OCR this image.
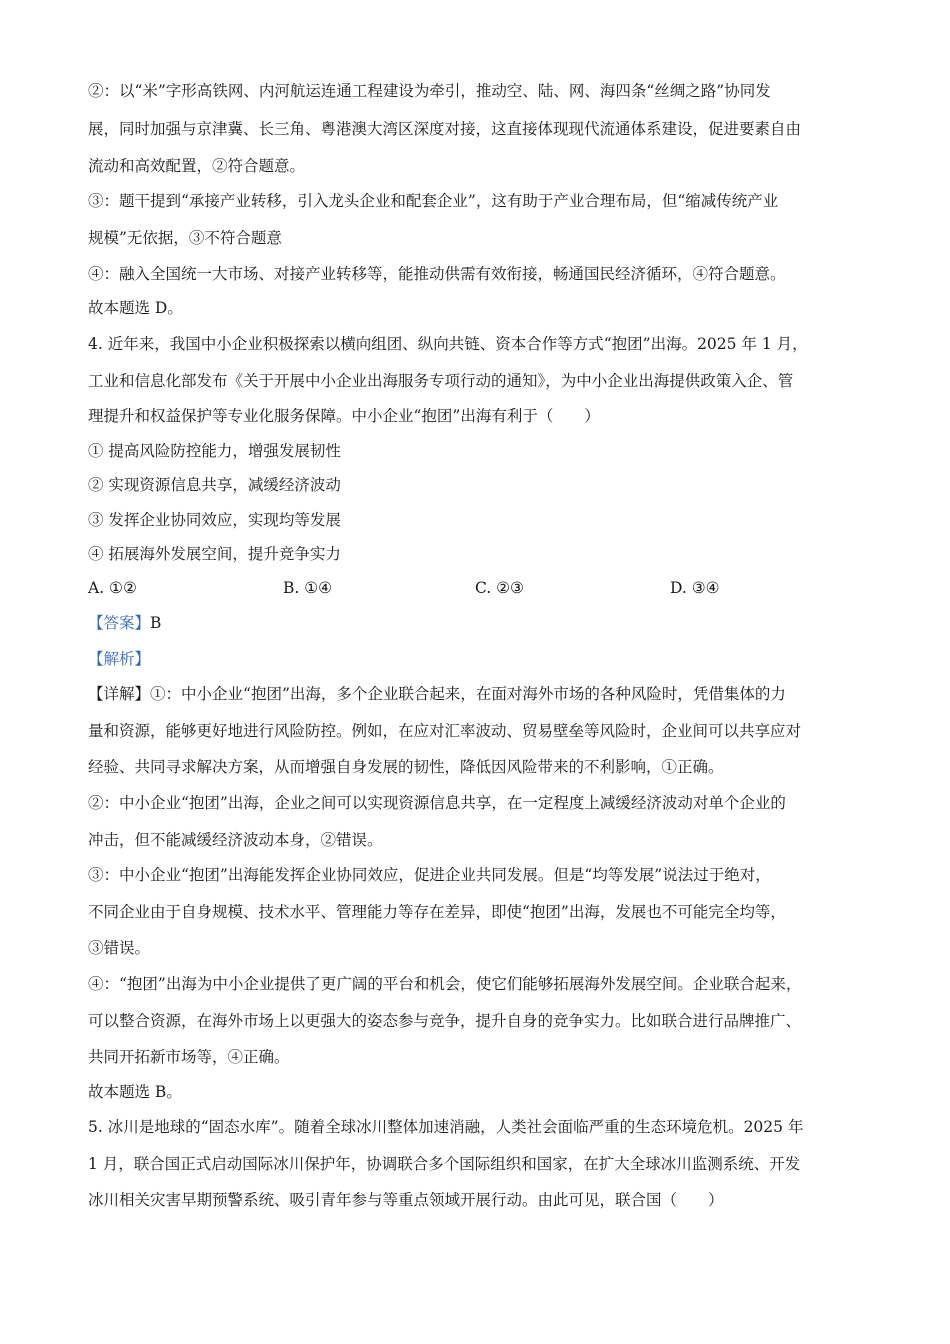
②：以“米”字形高铁网、内河航运连通工程建设为牵引，推动空、陆、网、海四条“丝绸之路”协同发
展，同时加强与京津冀、长三角、粤港澳大湾区深度对接，这直接体现现代流通体系建设，促进要素自由
流动和高效配置，②符合题意。
③：题干提到“承接产业转移，引入龙头企业和配套企业”，这有助于产业合理布局，但“缩减传统产业
规模”无依据，③不符合题意
④：融入全国统一大市场、对接产业转移等，能推动供需有效衔接，畅通国民经济循环，④符合题意。
故本题选 D。
4. 近年来，我国中小企业积极探索以横向组团、纵向共链、资本合作等方式“抱团”出海。2025 年 1 月，
工业和信息化部发布《关于开展中小企业出海服务专项行动的通知》，为中小企业出海提供政策入企、管
理提升和权益保护等专业化服务保障。中小企业“抱团”出海有利于（　　）
① 提高风险防控能力，增强发展韧性
② 实现资源信息共享，减缓经济波动
③ 发挥企业协同效应，实现均等发展
④ 拓展海外发展空间，提升竞争实力
A. ①②	B. ①④	C. ②③	D. ③④
【答案】B
【解析】
【详解】①：中小企业“抱团”出海，多个企业联合起来，在面对海外市场的各种风险时，凭借集体的力
量和资源，能够更好地进行风险防控。例如，在应对汇率波动、贸易壁垒等风险时，企业间可以共享应对
经验、共同寻求解决方案，从而增强自身发展的韧性，降低因风险带来的不利影响，①正确。
②：中小企业“抱团”出海，企业之间可以实现资源信息共享，在一定程度上减缓经济波动对单个企业的
冲击，但不能减缓经济波动本身，②错误。
③：中小企业“抱团”出海能发挥企业协同效应，促进企业共同发展。但是“均等发展”说法过于绝对，
不同企业由于自身规模、技术水平、管理能力等存在差异，即使“抱团”出海，发展也不可能完全均等，
③错误。
④：“抱团”出海为中小企业提供了更广阔的平台和机会，使它们能够拓展海外发展空间。企业联合起来，
可以整合资源，在海外市场上以更强大的姿态参与竞争，提升自身的竞争实力。比如联合进行品牌推广、
共同开拓新市场等，④正确。
故本题选 B。
5. 冰川是地球的“固态水库”。随着全球冰川整体加速消融，人类社会面临严重的生态环境危机。2025 年
1 月，联合国正式启动国际冰川保护年，协调联合多个国际组织和国家，在扩大全球冰川监测系统、开发
冰川相关灾害早期预警系统、吸引青年参与等重点领域开展行动。由此可见，联合国（　　）
